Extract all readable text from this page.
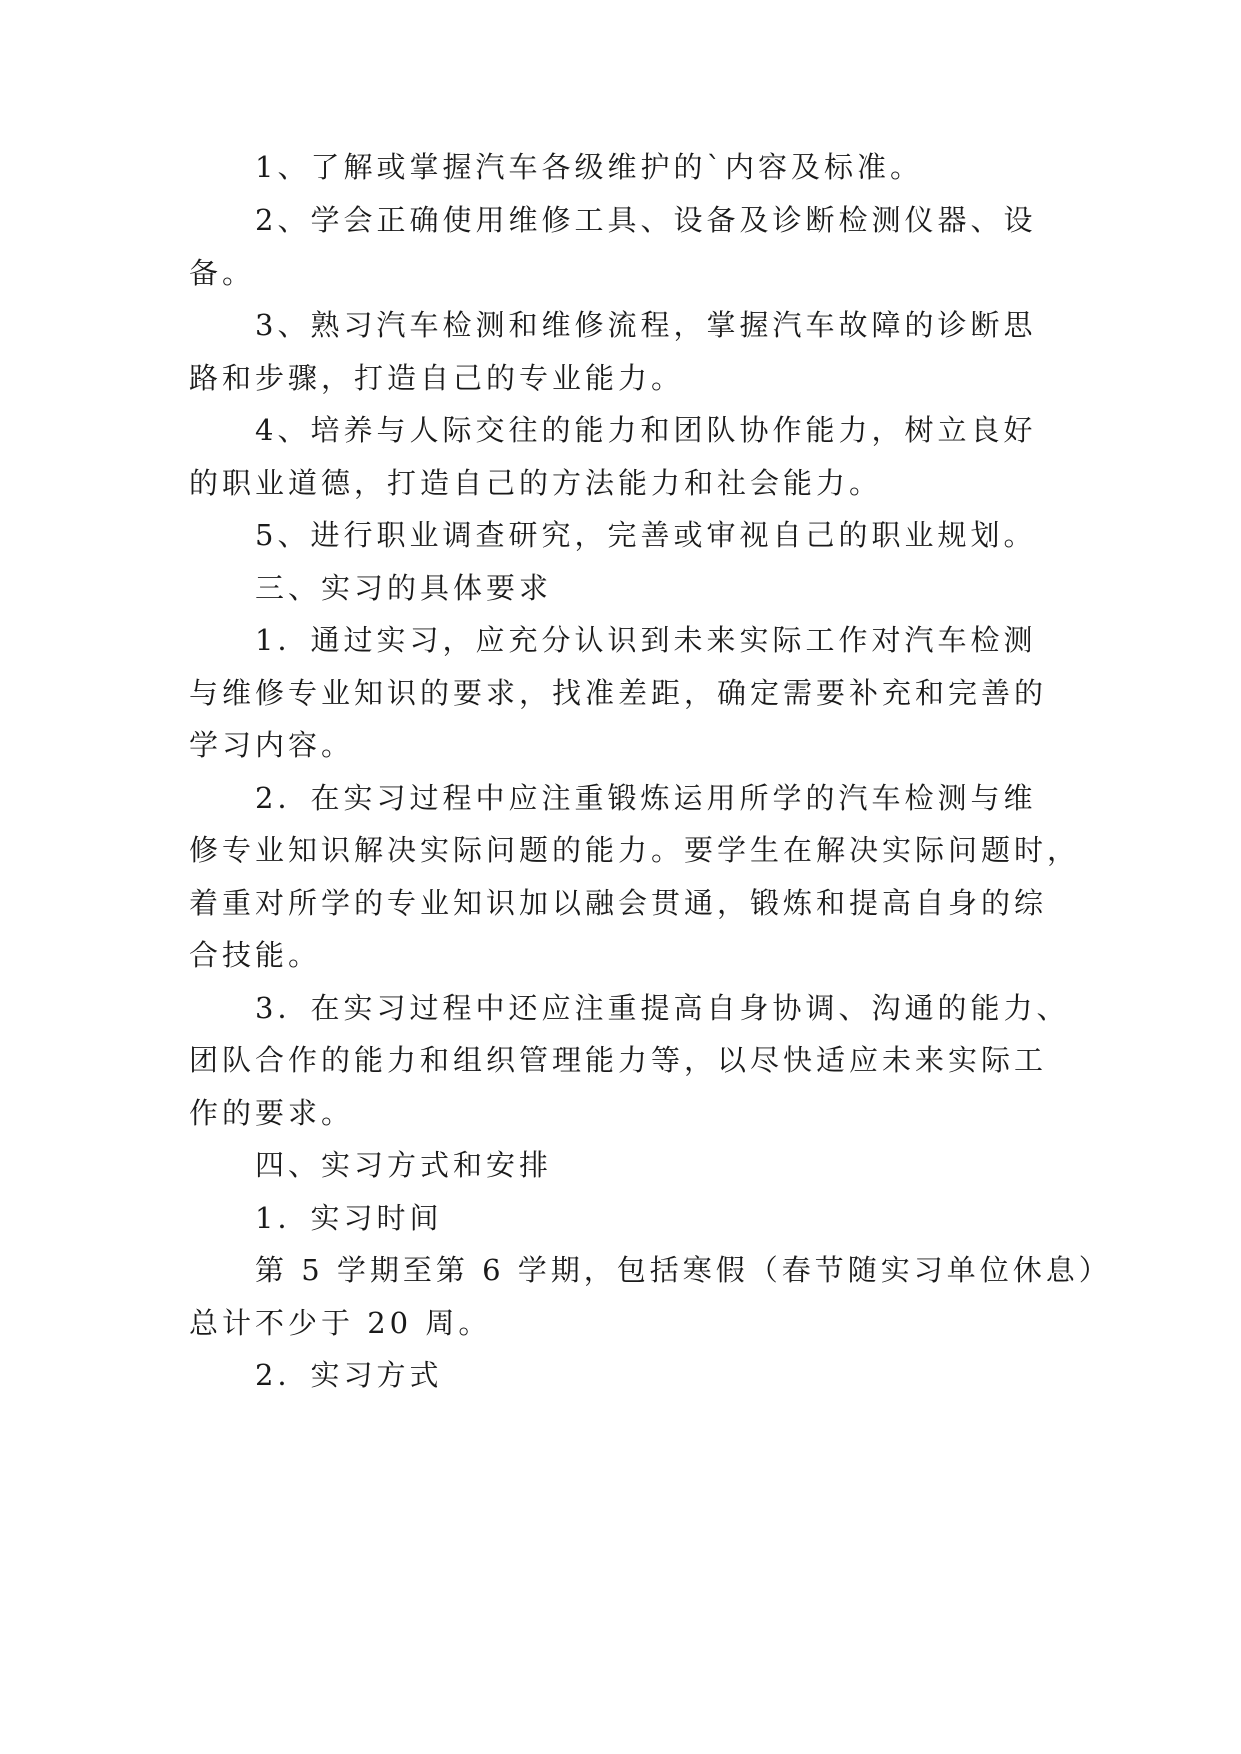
1、了解或掌握汽车各级维护的`内容及标准。
2、学会正确使用维修工具、设备及诊断检测仪器、设
备。
3、熟习汽车检测和维修流程，掌握汽车故障的诊断思
路和步骤，打造自己的专业能力。
4、培养与人际交往的能力和团队协作能力，树立良好
的职业道德，打造自己的方法能力和社会能力。
5、进行职业调查研究，完善或审视自己的职业规划。
三、实习的具体要求
1．通过实习，应充分认识到未来实际工作对汽车检测
与维修专业知识的要求，找准差距，确定需要补充和完善的
学习内容。
2．在实习过程中应注重锻炼运用所学的汽车检测与维
修专业知识解决实际问题的能力。要学生在解决实际问题时，
着重对所学的专业知识加以融会贯通，锻炼和提高自身的综
合技能。
3．在实习过程中还应注重提高自身协调、沟通的能力、
团队合作的能力和组织管理能力等，以尽快适应未来实际工
作的要求。
四、实习方式和安排
1．实习时间
第 5 学期至第 6 学期，包括寒假（春节随实习单位休息）
总计不少于 20 周。
2．实习方式
